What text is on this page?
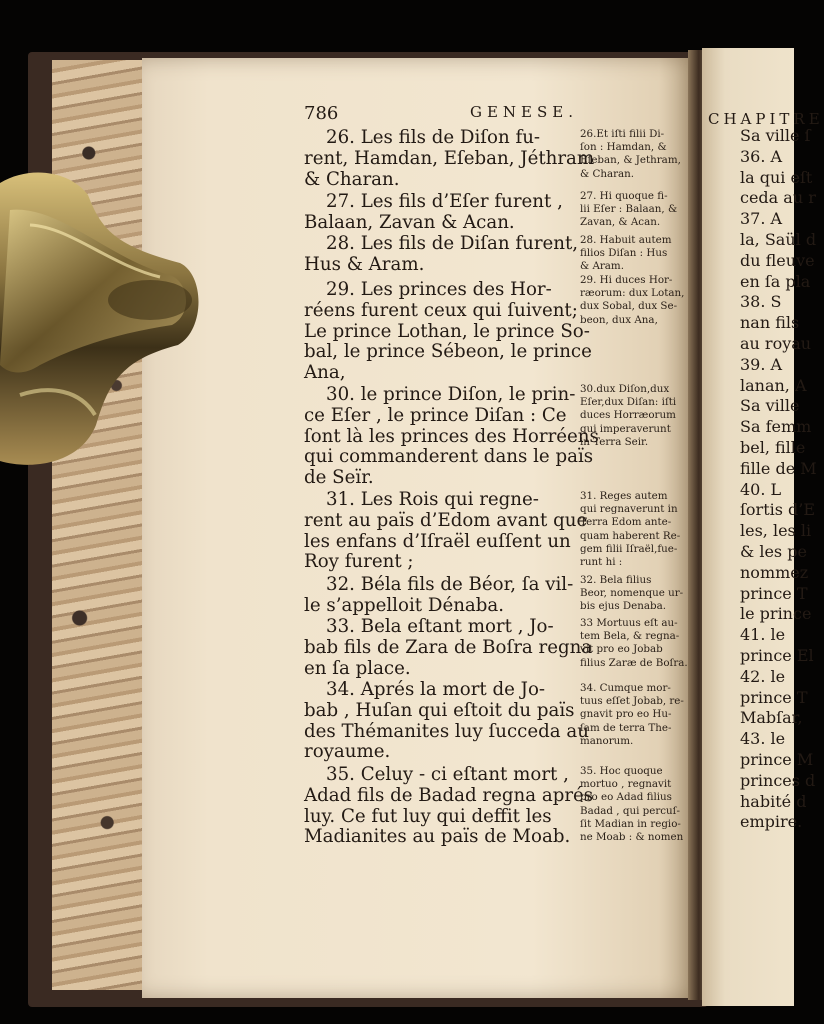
786	GENESE.
26. Les fils de Diſon fu-
rent, Hamdan, Eſeban, Jéthram
& Charan.
27. Les fils d’Eſer furent ,
Balaan, Zavan & Acan.
28. Les fils de Diſan furent,
Hus & Aram.
29. Les princes des Hor-
réens furent ceux qui ſuivent;
Le prince Lothan, le prince So-
bal, le prince Sébeon, le prince
Ana,
30. le prince Diſon, le prin-
ce Eſer , le prince Diſan : Ce
ſont là les princes des Horréens
qui commanderent dans le païs
de Seïr.
31. Les Rois qui regne-
rent au païs d’Edom avant que
les enfans d’Iſraël euſſent un
Roy furent ;
32. Béla fils de Béor, ſa vil-
le s’appelloit Dénaba.
33. Bela eſtant mort , Jo-
bab fils de Zara de Boſra regna
en ſa place.
34. Aprés la mort de Jo-
bab , Huſan qui eſtoit du païs
des Thémanites luy ſucceda au
royaume.
35. Celuy - ci eſtant mort ,
Adad fils de Badad regna aprés
luy. Ce fut luy qui deffit les
Madianites au païs de Moab.
26.Et iſti filii Di-
ſon : Hamdan, &
Eſeban, & Jethram,
& Charan.
27. Hi quoque fi-
lii Eſer : Balaan, &
Zavan, & Acan.
28. Habuit autem
filios Diſan : Hus
& Aram.
29. Hi duces Hor-
ræorum: dux Lotan,
dux Sobal, dux Se-
beon, dux Ana,
30.dux Diſon,dux
Eſer,dux Diſan: iſti
duces Horræorum
qui imperaverunt
in Terra Seir.
31. Reges autem
qui regnaverunt in
Terra Edom ante-
quam haberent Re-
gem filii Iſraël,fue-
runt hi :
32. Bela filius
Beor, nomenque ur-
bis ejus Denaba.
33 Mortuus eſt au-
tem Bela, & regna-
vit pro eo Jobab
filius Zaræ de Boſra.
34. Cumque mor-
tuus eſſet Jobab, re-
gnavit pro eo Hu-
ſam de terra The-
manorum.
35. Hoc quoque
mortuo , regnavit
pro eo Adad filius
Badad , qui percuſ-
ſit Madian in regio-
ne Moab : & nomen
CHAPITRE
Sa ville ſ
36. A
la qui eſt
ceda au r
37. A
la, Saül d
du fleuve
en ſa pla
38. S
nan fils
au royau
39. A
lanan, A
Sa ville
Sa femm
bel, fille
fille de M
40. L
ſortis d’E
les, les li
& les pe
nommez
prince T
le prince
41. le
prince El
42. le
prince T
Mabſar,
43. le
prince M
princes d
habité d
empire.
